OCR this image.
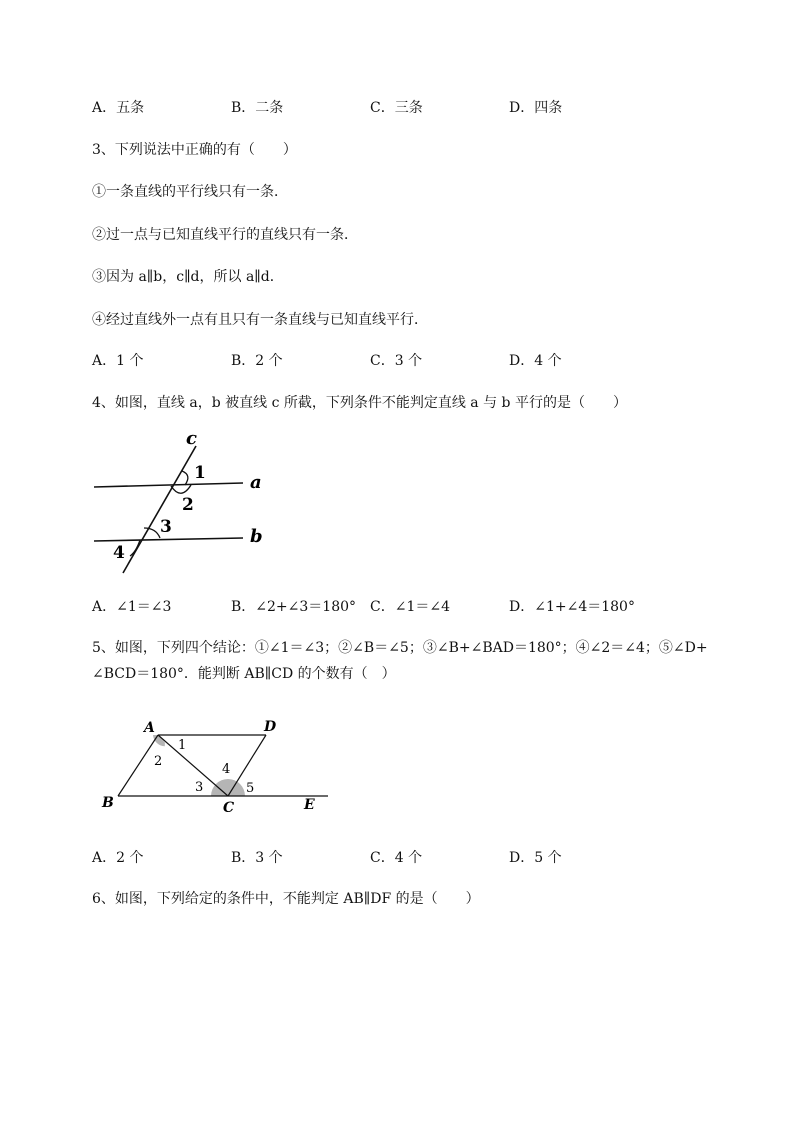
A．五条	B．二条	C．三条	D．四条
3、下列说法中正确的有（　　）
①一条直线的平行线只有一条．
②过一点与已知直线平行的直线只有一条．
③因为 a∥b，c∥d，所以 a∥d．
④经过直线外一点有且只有一条直线与已知直线平行．
A．1 个	B．2 个	C．3 个	D．4 个
4、如图，直线 a，b 被直线 c 所截，下列条件不能判定直线 a 与 b 平行的是（　　）
c
a
b
1
2
3
4
A．∠1＝∠3	B．∠2+∠3＝180° C．∠1＝∠4	D．∠1+∠4＝180°
5、如图，下列四个结论：①∠1＝∠3；②∠B＝∠5；③∠B+∠BAD＝180°；④∠2＝∠4；⑤∠D+
∠BCD＝180°．能判断 AB∥CD 的个数有（　）
A	D
B	C	E
1
2
3
4
5
A．2 个	B．3 个	C．4 个	D．5 个
6、如图，下列给定的条件中，不能判定 AB∥DF 的是（　　）
